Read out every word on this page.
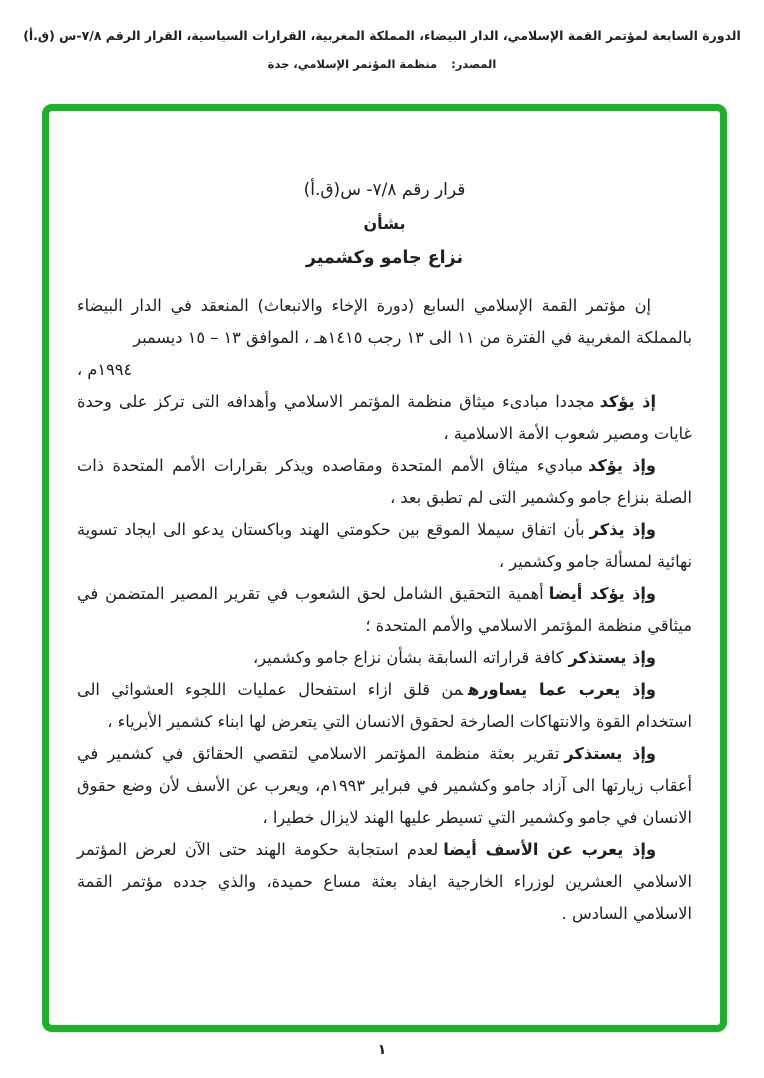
الدورة السابعة لمؤتمر القمة الإسلامي، الدار البيضاء، المملكة المغربية، القرارات السياسية، القرار الرقم ٧/٨-س (ق.أ)
المصدر:منظمة المؤتمر الإسلامي، جدة
قرار رقم ٧/٨- س(ق.أ)
بشأن
نزاع جامو وكشمير

إن مؤتمر القمة الإسلامي السابع (دورة الإخاء والانبعاث) المنعقد في الدار البيضاء بالمملكة المغربية في الفترة من ١١ الى ١٣ رجب ١٤١٥هـ ، الموافق ١٣ – ١٥ ديسمبر

١٩٩٤م ،

إذ يؤكدمجددا مبادىء ميثاق منظمة المؤتمر الاسلامي وأهدافه التى تركز على وحدة غايات ومصير شعوب الأمة الاسلامية ،

وإذ يؤكدمباديء ميثاق الأمم المتحدة ومقاصده ويذكر بقرارات الأمم المتحدة ذات الصلة بنزاع جامو وكشمير التى لم تطبق بعد ،

وإذ يذكربأن اتفاق سيملا الموقع بين حكومتي الهند وباكستان يدعو الى ايجاد تسوية نهائية لمسألة جامو وكشمير ،

وإذ يؤكد أيضاأهمية التحقيق الشامل لحق الشعوب في تقرير المصير المتضمن في ميثاقي منظمة المؤتمر الاسلامي والأمم المتحدة ؛

وإذ يستذكركافة قراراته السابقة بشأن نزاع جامو وكشمير،

وإذ يعرب عما يساورهمن قلق ازاء استفحال عمليات اللجوء العشوائي الى استخدام القوة والانتهاكات الصارخة لحقوق الانسان التي يتعرض لها ابناء كشمير الأبرياء ،

وإذ يستذكرتقرير بعثة منظمة المؤتمر الاسلامي لتقصي الحقائق في كشمير في أعقاب زيارتها الى آزاد جامو وكشمير في فبراير ١٩٩٣م، ويعرب عن الأسف لأن وضع حقوق الانسان في جامو وكشمير التي تسيطر عليها الهند لايزال خطيرا ،

وإذ يعرب عن الأسف أيضالعدم استجابة حكومة الهند حتى الآن لعرض المؤتمر الاسلامي العشرين لوزراء الخارجية ايفاد بعثة مساع حميدة، والذي جدده مؤتمر القمة الاسلامي السادس .

١
